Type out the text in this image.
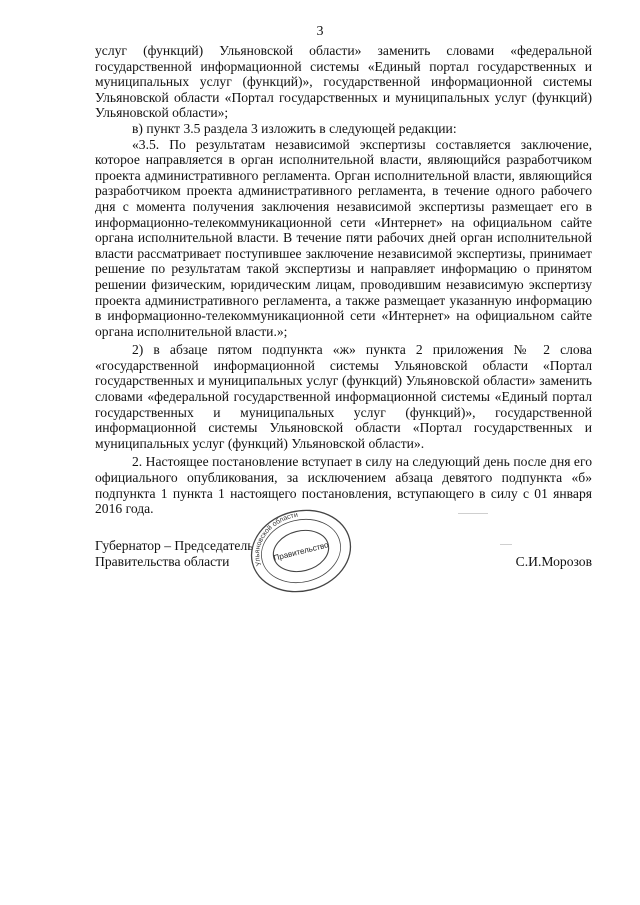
3

услуг (функций) Ульяновской области» заменить словами «федеральной государственной информационной системы «Единый портал государственных и муниципальных услуг (функций)», государственной информационной системы Ульяновской области «Портал государственных и муниципальных услуг (функций) Ульяновской области»;

в) пункт 3.5 раздела 3 изложить в следующей редакции:

«3.5. По результатам независимой экспертизы составляется заключение, которое направляется в орган исполнительной власти, являющийся разработчиком проекта административного регламента. Орган исполнительной власти, являющийся разработчиком проекта административного регламента, в течение одного рабочего дня с момента получения заключения независимой экспертизы размещает его в информационно-телекоммуникационной сети «Интернет» на официальном сайте органа исполнительной власти. В течение пяти рабочих дней орган исполнительной власти рассматривает поступившее заключение независимой экспертизы, принимает решение по результатам такой экспертизы и направляет информацию о принятом решении физическим, юридическим лицам, проводившим независимую экспертизу проекта административного регламента, а также размещает указанную информацию в информационно-телекоммуникационной сети «Интернет» на официальном сайте органа исполнительной власти.»;

2) в абзаце пятом подпункта «ж» пункта 2 приложения № 2 слова «государственной информационной системы Ульяновской области «Портал государственных и муниципальных услуг (функций) Ульяновской области» заменить словами «федеральной государственной информационной системы «Единый портал государственных и муниципальных услуг (функций)», государственной информационной системы Ульяновской области «Портал государственных и муниципальных услуг (функций) Ульяновской области».

2. Настоящее постановление вступает в силу на следующий день после дня его официального опубликования, за исключением абзаца девятого подпункта «б» подпункта 1 пункта 1 настоящего постановления, вступающего в силу с 01 января 2016 года.

Губернатор – Председатель
Правительства области	С.И.Морозов
Ульяновской области
Правительство
